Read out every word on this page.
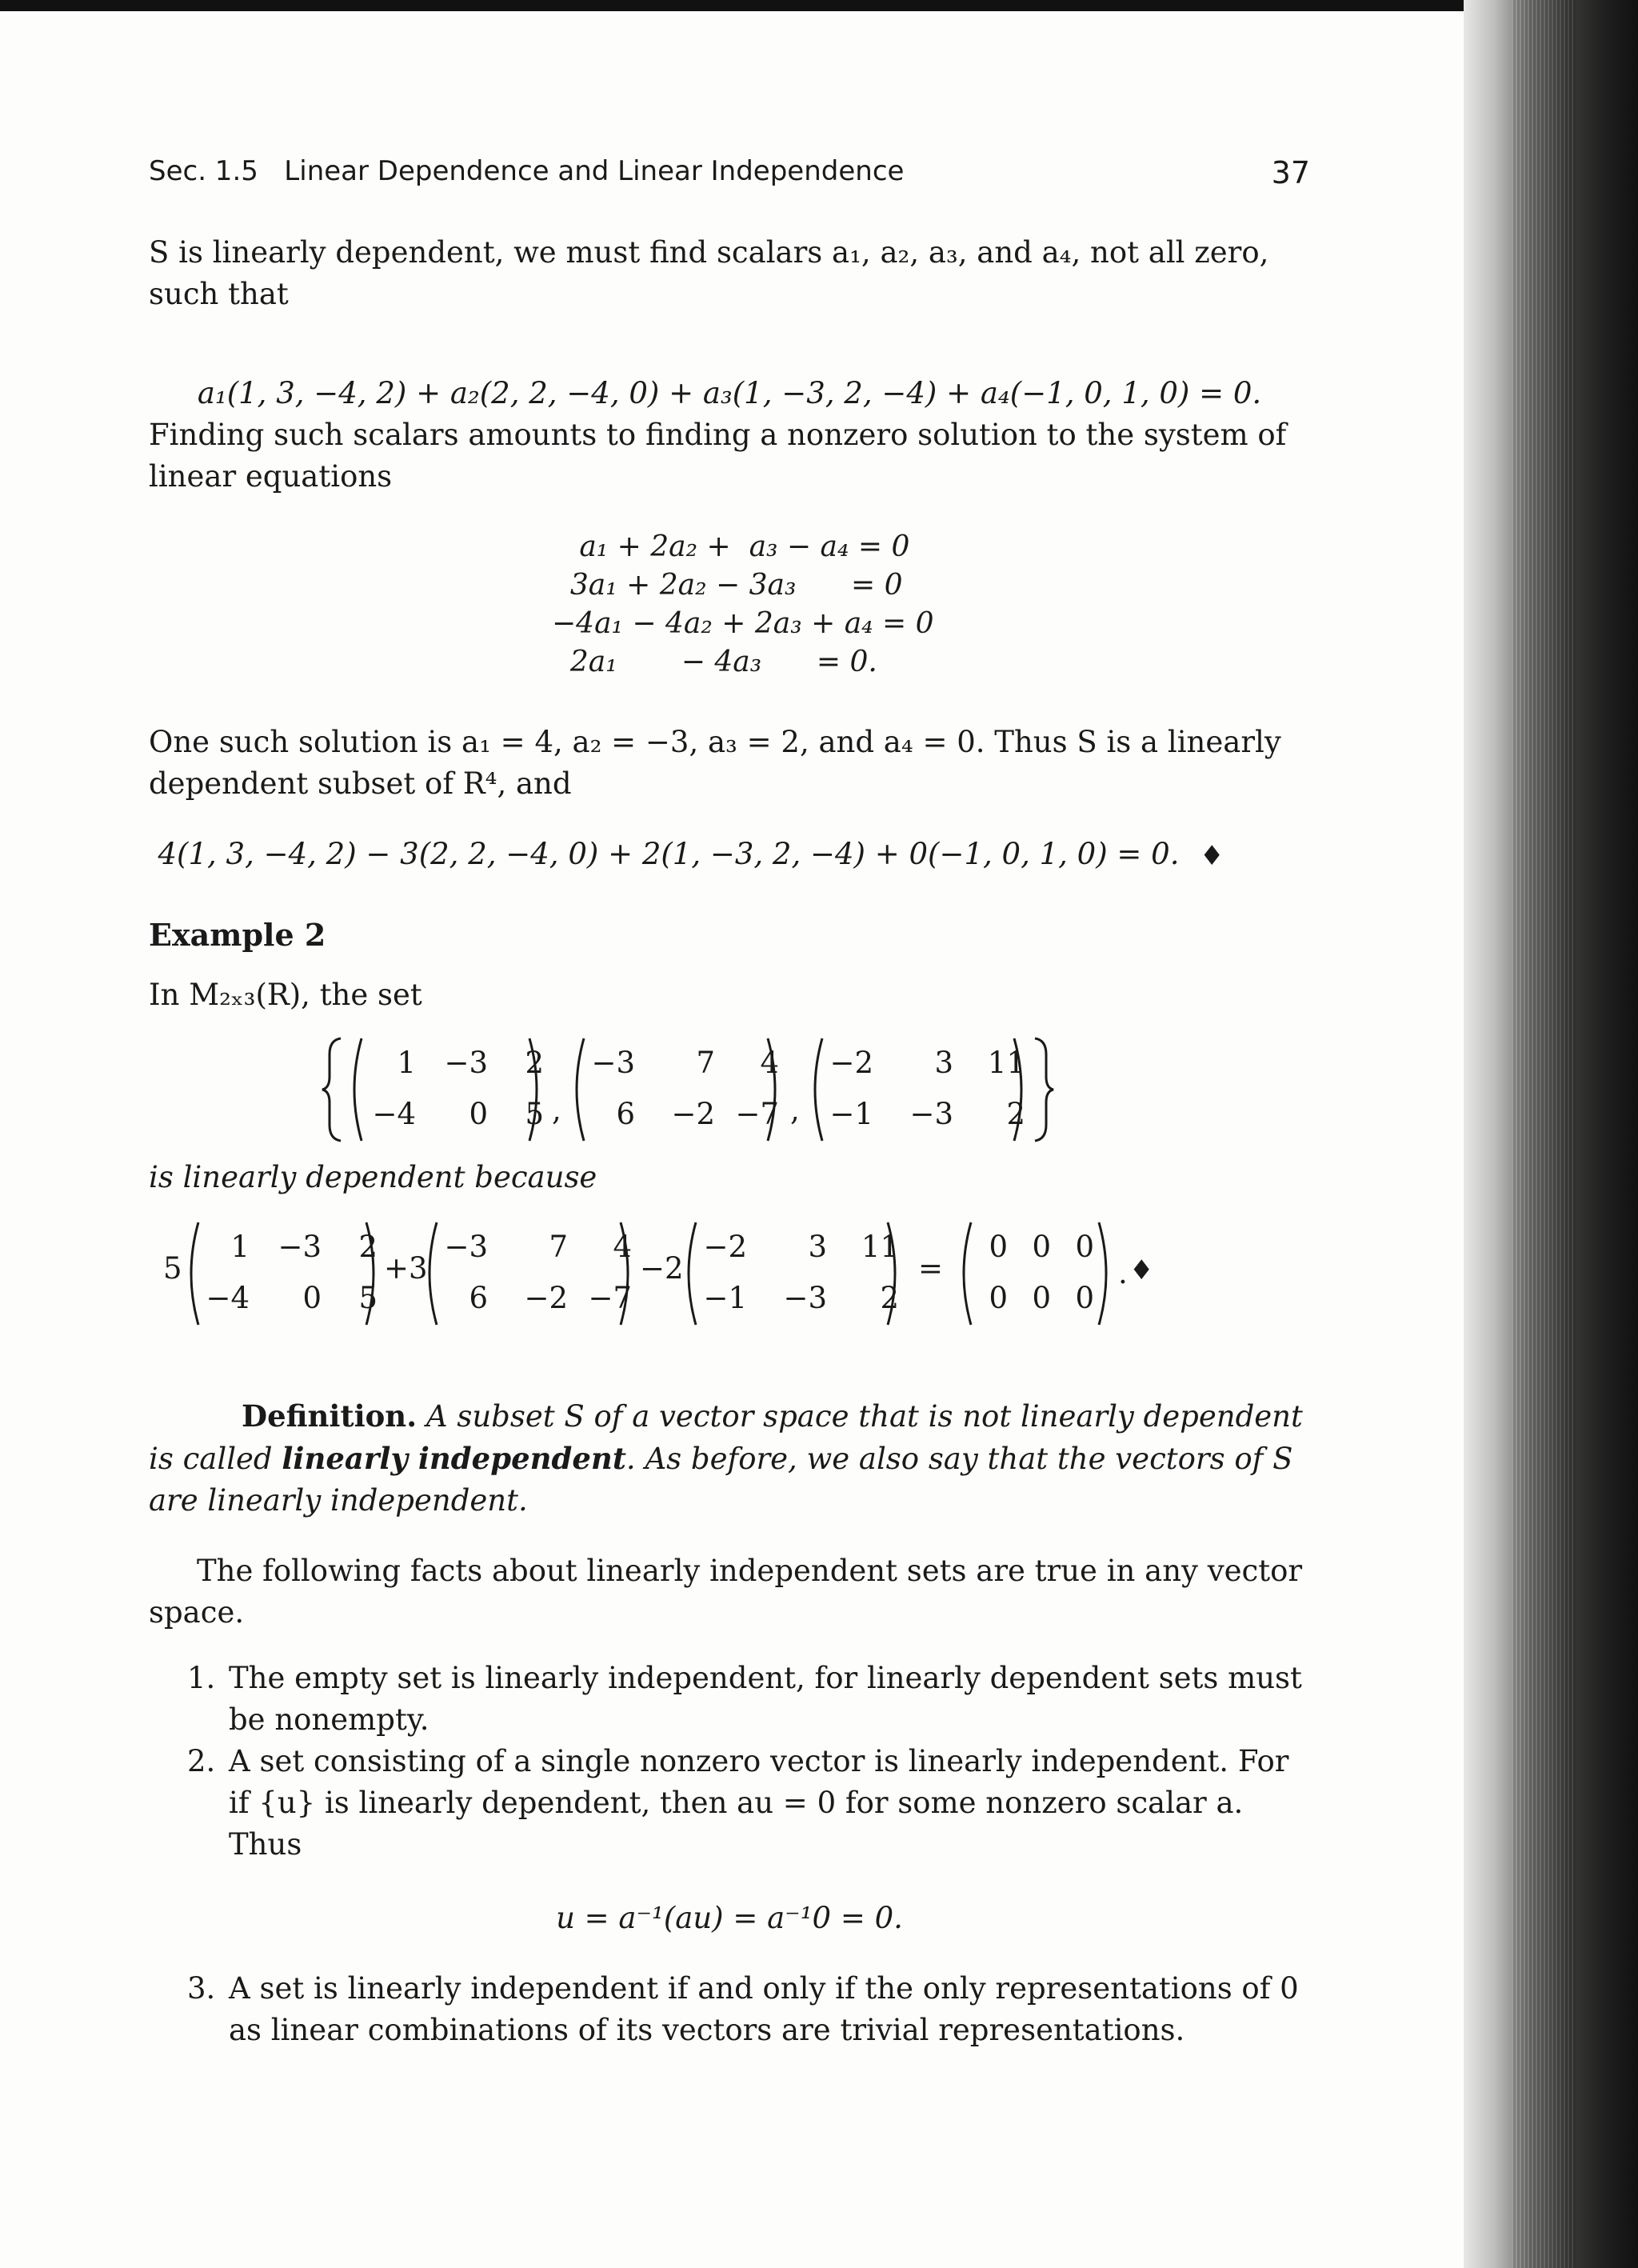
Sec. 1.5   Linear Dependence and Linear Independence	37
S is linearly dependent, we must find scalars a₁, a₂, a₃, and a₄, not all zero, such that
a₁(1, 3, −4, 2) + a₂(2, 2, −4, 0) + a₃(1, −3, 2, −4) + a₄(−1, 0, 1, 0) = 0.
Finding such scalars amounts to finding a nonzero solution to the system of linear equations
a₁ + 2a₂ +  a₃ − a₄ = 0
3a₁ + 2a₂ − 3a₃      = 0
−4a₁ − 4a₂ + 2a₃ + a₄ = 0
2a₁       − 4a₃      = 0.
One such solution is a₁ = 4, a₂ = −3, a₃ = 2, and a₄ = 0. Thus S is a linearly dependent subset of R⁴, and
4(1, 3, −4, 2) − 3(2, 2, −4, 0) + 2(1, −3, 2, −4) + 0(−1, 0, 1, 0) = 0. ♦
Example 2
In M₂ₓ₃(R), the set
1 −3	2
−4	0	5 ,
−3	7	4
6	−2 −7 ,
−2	3	11
−1	−3	2
is linearly dependent because
5
1 −3	2
−4	0	5
+3
−3	7	4
6	−2 −7
−2
−2	3	11
−1	−3	2
=
0 0 0
0 0 0
. ♦
Definition. A subset S of a vector space that is not linearly dependent is called linearly independent. As before, we also say that the vectors of S are linearly independent.
The following facts about linearly independent sets are true in any vector space.
1. The empty set is linearly independent, for linearly dependent sets must be nonempty.
2. A set consisting of a single nonzero vector is linearly independent. For if {u} is linearly dependent, then au = 0 for some nonzero scalar a. Thus
u = a⁻¹(au) = a⁻¹0 = 0.
3. A set is linearly independent if and only if the only representations of 0 as linear combinations of its vectors are trivial representations.
